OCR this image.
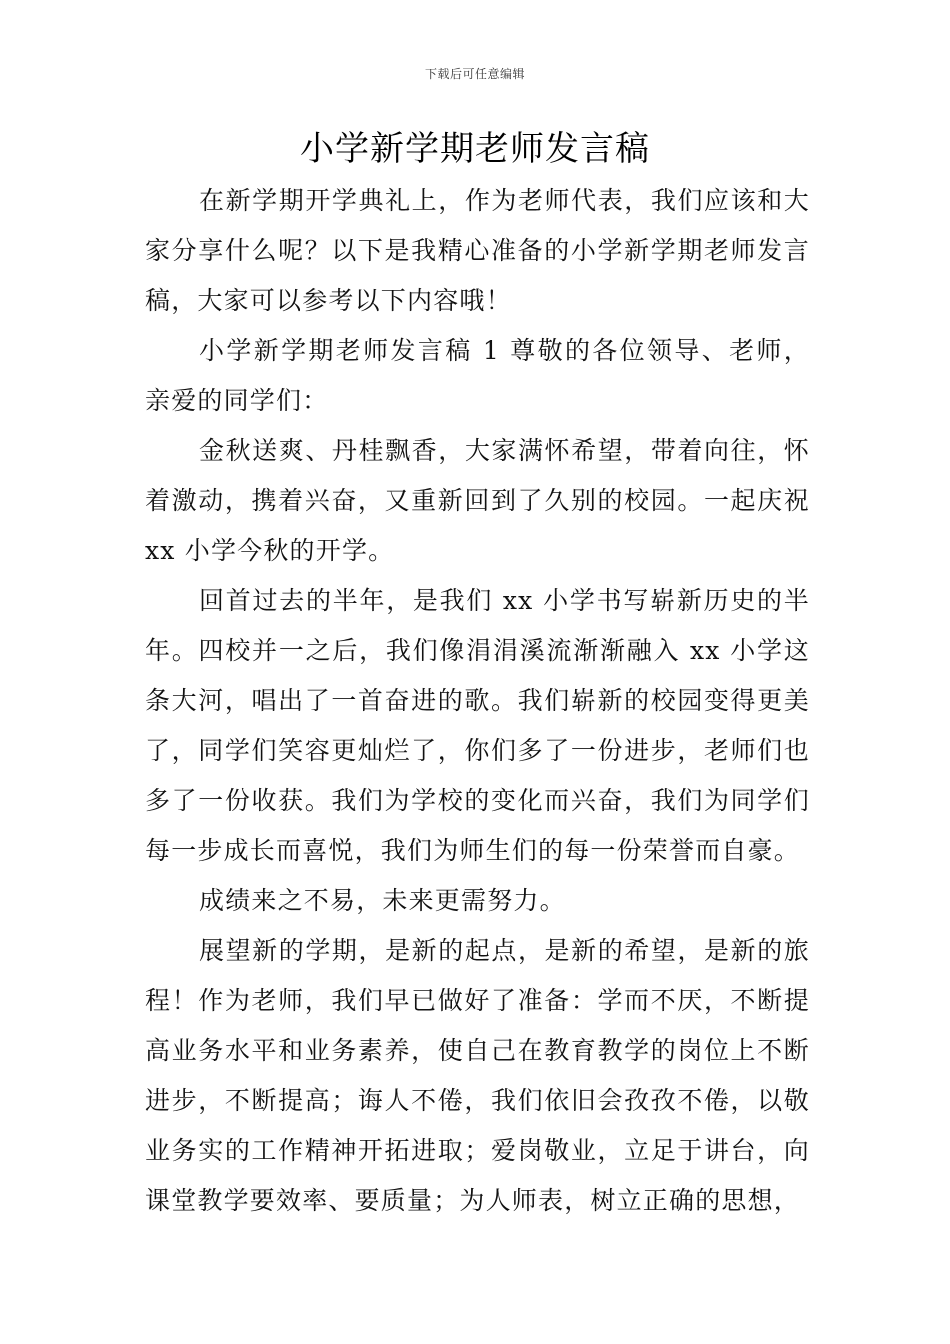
下载后可任意编辑
小学新学期老师发言稿

在新学期开学典礼上，作为老师代表，我们应该和大家分享什么呢？以下是我精心准备的小学新学期老师发言稿，大家可以参考以下内容哦！

小学新学期老师发言稿 1 尊敬的各位领导、老师，亲爱的同学们：

金秋送爽、丹桂飘香，大家满怀希望，带着向往，怀着激动，携着兴奋，又重新回到了久别的校园。一起庆祝 xx 小学今秋的开学。

回首过去的半年，是我们 xx 小学书写崭新历史的半年。四校并一之后，我们像涓涓溪流渐渐融入 xx 小学这条大河，唱出了一首奋进的歌。我们崭新的校园变得更美了，同学们笑容更灿烂了，你们多了一份进步，老师们也多了一份收获。我们为学校的变化而兴奋，我们为同学们每一步成长而喜悦，我们为师生们的每一份荣誉而自豪。

成绩来之不易，未来更需努力。

展望新的学期，是新的起点，是新的希望，是新的旅程！作为老师，我们早已做好了准备：学而不厌，不断提高业务水平和业务素养，使自己在教育教学的岗位上不断进步，不断提高；诲人不倦，我们依旧会孜孜不倦，以敬业务实的工作精神开拓进取；爱岗敬业，立足于讲台，向课堂教学要效率、要质量；为人师表，树立正确的思想，
